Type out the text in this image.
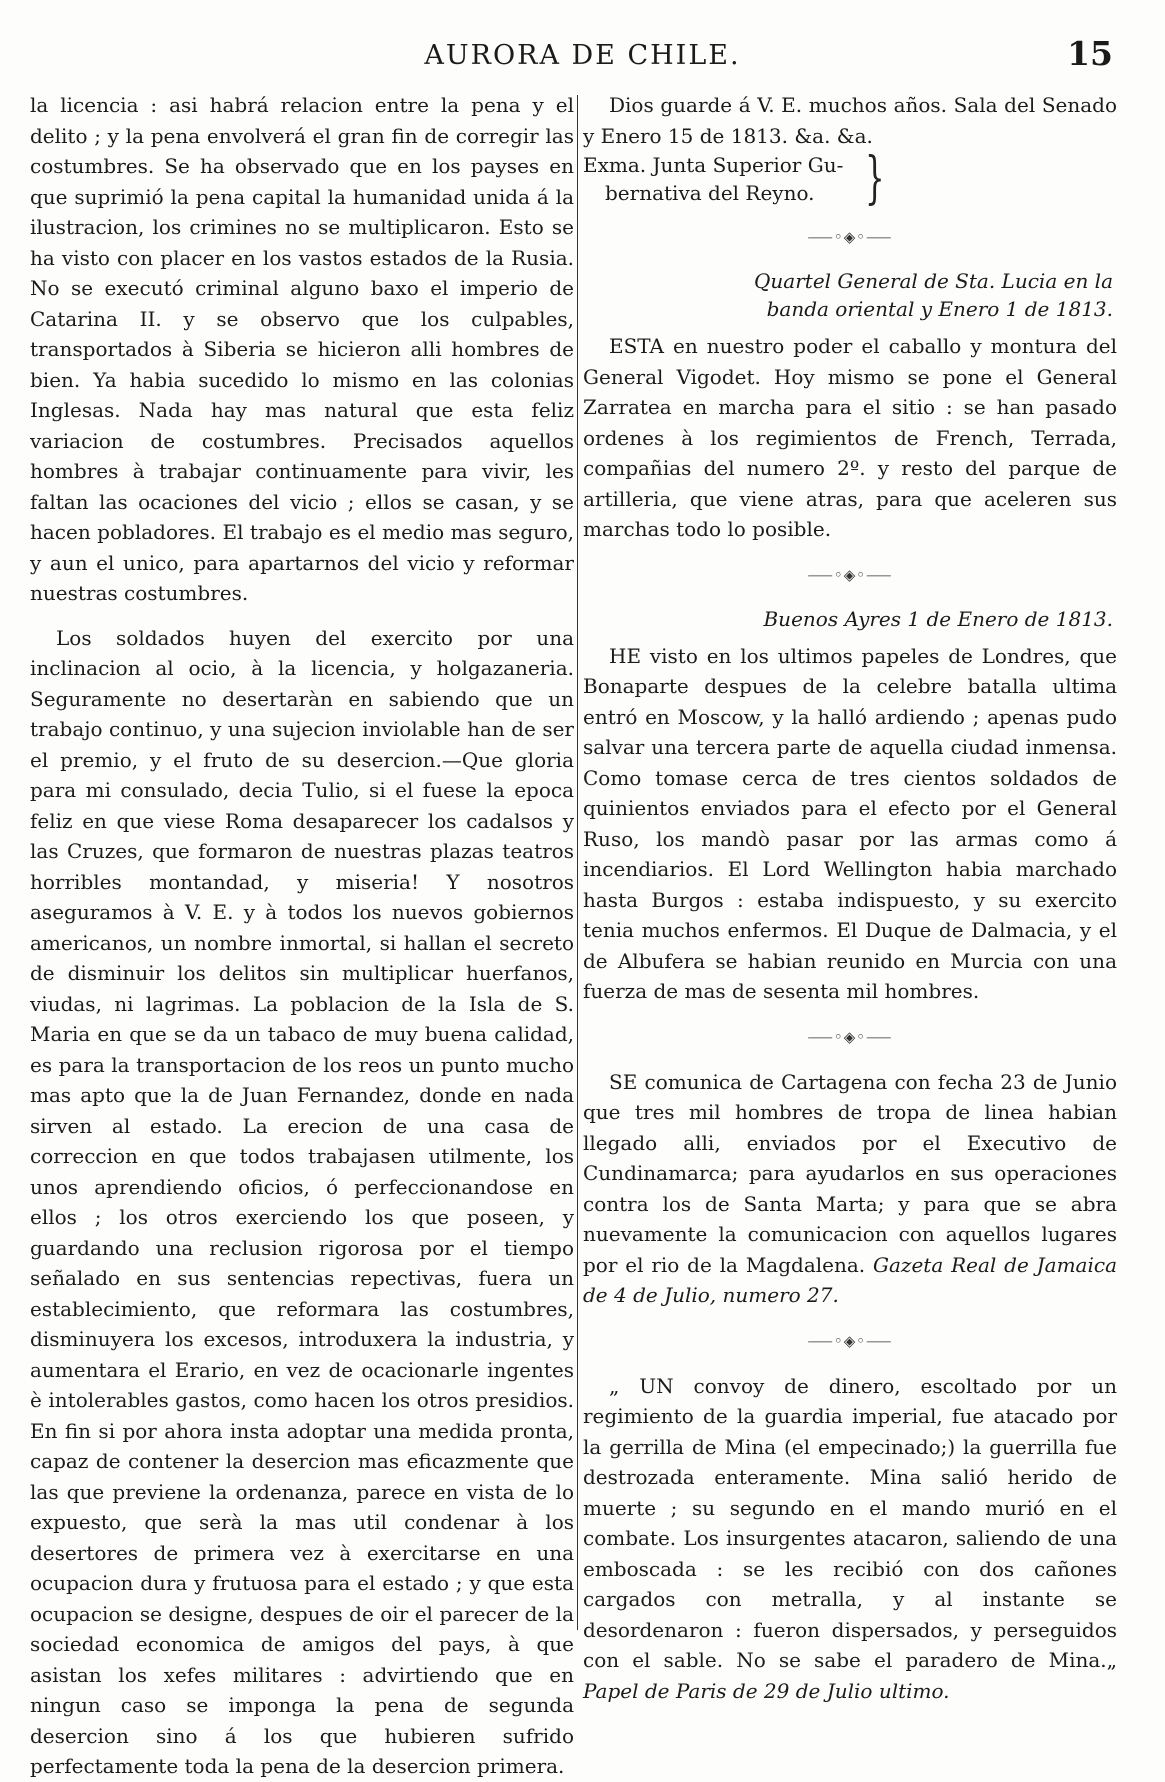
AURORA DE CHILE.	15

la licencia : asi habrá relacion entre la pena y el delito ; y la pena envolverá el gran fin de corregir las costumbres. Se ha observado que en los payses en que suprimió la pena capital la humanidad unida á la ilustracion, los crimines no se multiplicaron. Esto se ha visto con placer en los vastos estados de la Rusia. No se executó criminal alguno baxo el imperio de Catarina II. y se observo que los culpables, transportados à Siberia se hicieron alli hombres de bien. Ya habia sucedido lo mismo en las colonias Inglesas. Nada hay mas natural que esta feliz variacion de costumbres. Precisados aquellos hombres à trabajar continuamente para vivir, les faltan las ocaciones del vicio ; ellos se casan, y se hacen pobladores. El trabajo es el medio mas seguro, y aun el unico, para apartarnos del vicio y reformar nuestras costumbres.

Los soldados huyen del exercito por una inclinacion al ocio, à la licencia, y holgazaneria. Seguramente no desertaràn en sabiendo que un trabajo continuo, y una sujecion inviolable han de ser el premio, y el fruto de su desercion.—Que gloria para mi consulado, decia Tulio, si el fuese la epoca feliz en que viese Roma desaparecer los cadalsos y las Cruzes, que formaron de nuestras plazas teatros horribles montandad, y miseria! Y nosotros aseguramos à V. E. y à todos los nuevos gobiernos americanos, un nombre inmortal, si hallan el secreto de disminuir los delitos sin multiplicar huerfanos, viudas, ni lagrimas. La poblacion de la Isla de S. Maria en que se da un tabaco de muy buena calidad, es para la transportacion de los reos un punto mucho mas apto que la de Juan Fernandez, donde en nada sirven al estado. La erecion de una casa de correccion en que todos trabajasen utilmente, los unos aprendiendo oficios, ó perfeccionandose en ellos ; los otros exerciendo los que poseen, y guardando una reclusion rigorosa por el tiempo señalado en sus sentencias repectivas, fuera un establecimiento, que reformara las costumbres, disminuyera los excesos, introduxera la industria, y aumentara el Erario, en vez de ocacionarle ingentes è intolerables gastos, como hacen los otros presidios. En fin si por ahora insta adoptar una medida pronta, capaz de contener la desercion mas eficazmente que las que previene la ordenanza, parece en vista de lo expuesto, que serà la mas util condenar à los desertores de primera vez à exercitarse en una ocupacion dura y frutuosa para el estado ; y que esta ocupacion se designe, despues de oir el parecer de la sociedad economica de amigos del pays, à que asistan los xefes militares : advirtiendo que en ningun caso se imponga la pena de segunda desercion sino á los que hubieren sufrido perfectamente toda la pena de la desercion primera.

Dios guarde á V. E. muchos años. Sala del Senado y Enero 15 de 1813. &a. &a.

Exma. Junta Superior Gu-
bernativa del Reyno. }
⸺◦◈◦⸺
Quartel General de Sta. Lucia en la
banda oriental y Enero 1 de 1813.

ESTA en nuestro poder el caballo y montura del General Vigodet. Hoy mismo se pone el General Zarratea en marcha para el sitio : se han pasado ordenes à los regimientos de French, Terrada, compañias del numero 2º. y resto del parque de artilleria, que viene atras, para que aceleren sus marchas todo lo posible.

⸺◦◈◦⸺
Buenos Ayres 1 de Enero de 1813.

HE visto en los ultimos papeles de Londres, que Bonaparte despues de la celebre batalla ultima entró en Moscow, y la halló ardiendo ; apenas pudo salvar una tercera parte de aquella ciudad inmensa. Como tomase cerca de tres cientos soldados de quinientos enviados para el efecto por el General Ruso, los mandò pasar por las armas como á incendiarios. El Lord Wellington habia marchado hasta Burgos : estaba indispuesto, y su exercito tenia muchos enfermos. El Duque de Dalmacia, y el de Albufera se habian reunido en Murcia con una fuerza de mas de sesenta mil hombres.

⸺◦◈◦⸺

SE comunica de Cartagena con fecha 23 de Junio que tres mil hombres de tropa de linea habian llegado alli, enviados por el Executivo de Cundinamarca; para ayudarlos en sus operaciones contra los de Santa Marta; y para que se abra nuevamente la comunicacion con aquellos lugares por el rio de la Magdalena. Gazeta Real de Jamaica de 4 de Julio, numero 27.

⸺◦◈◦⸺

„ UN convoy de dinero, escoltado por un regimiento de la guardia imperial, fue atacado por la gerrilla de Mina (el empecinado;) la guerrilla fue destrozada enteramente. Mina salió herido de muerte ; su segundo en el mando murió en el combate. Los insurgentes atacaron, saliendo de una emboscada : se les recibió con dos cañones cargados con metralla, y al instante se desordenaron : fueron dispersados, y perseguidos con el sable. No se sabe el paradero de Mina.„ Papel de Paris de 29 de Julio ultimo.
